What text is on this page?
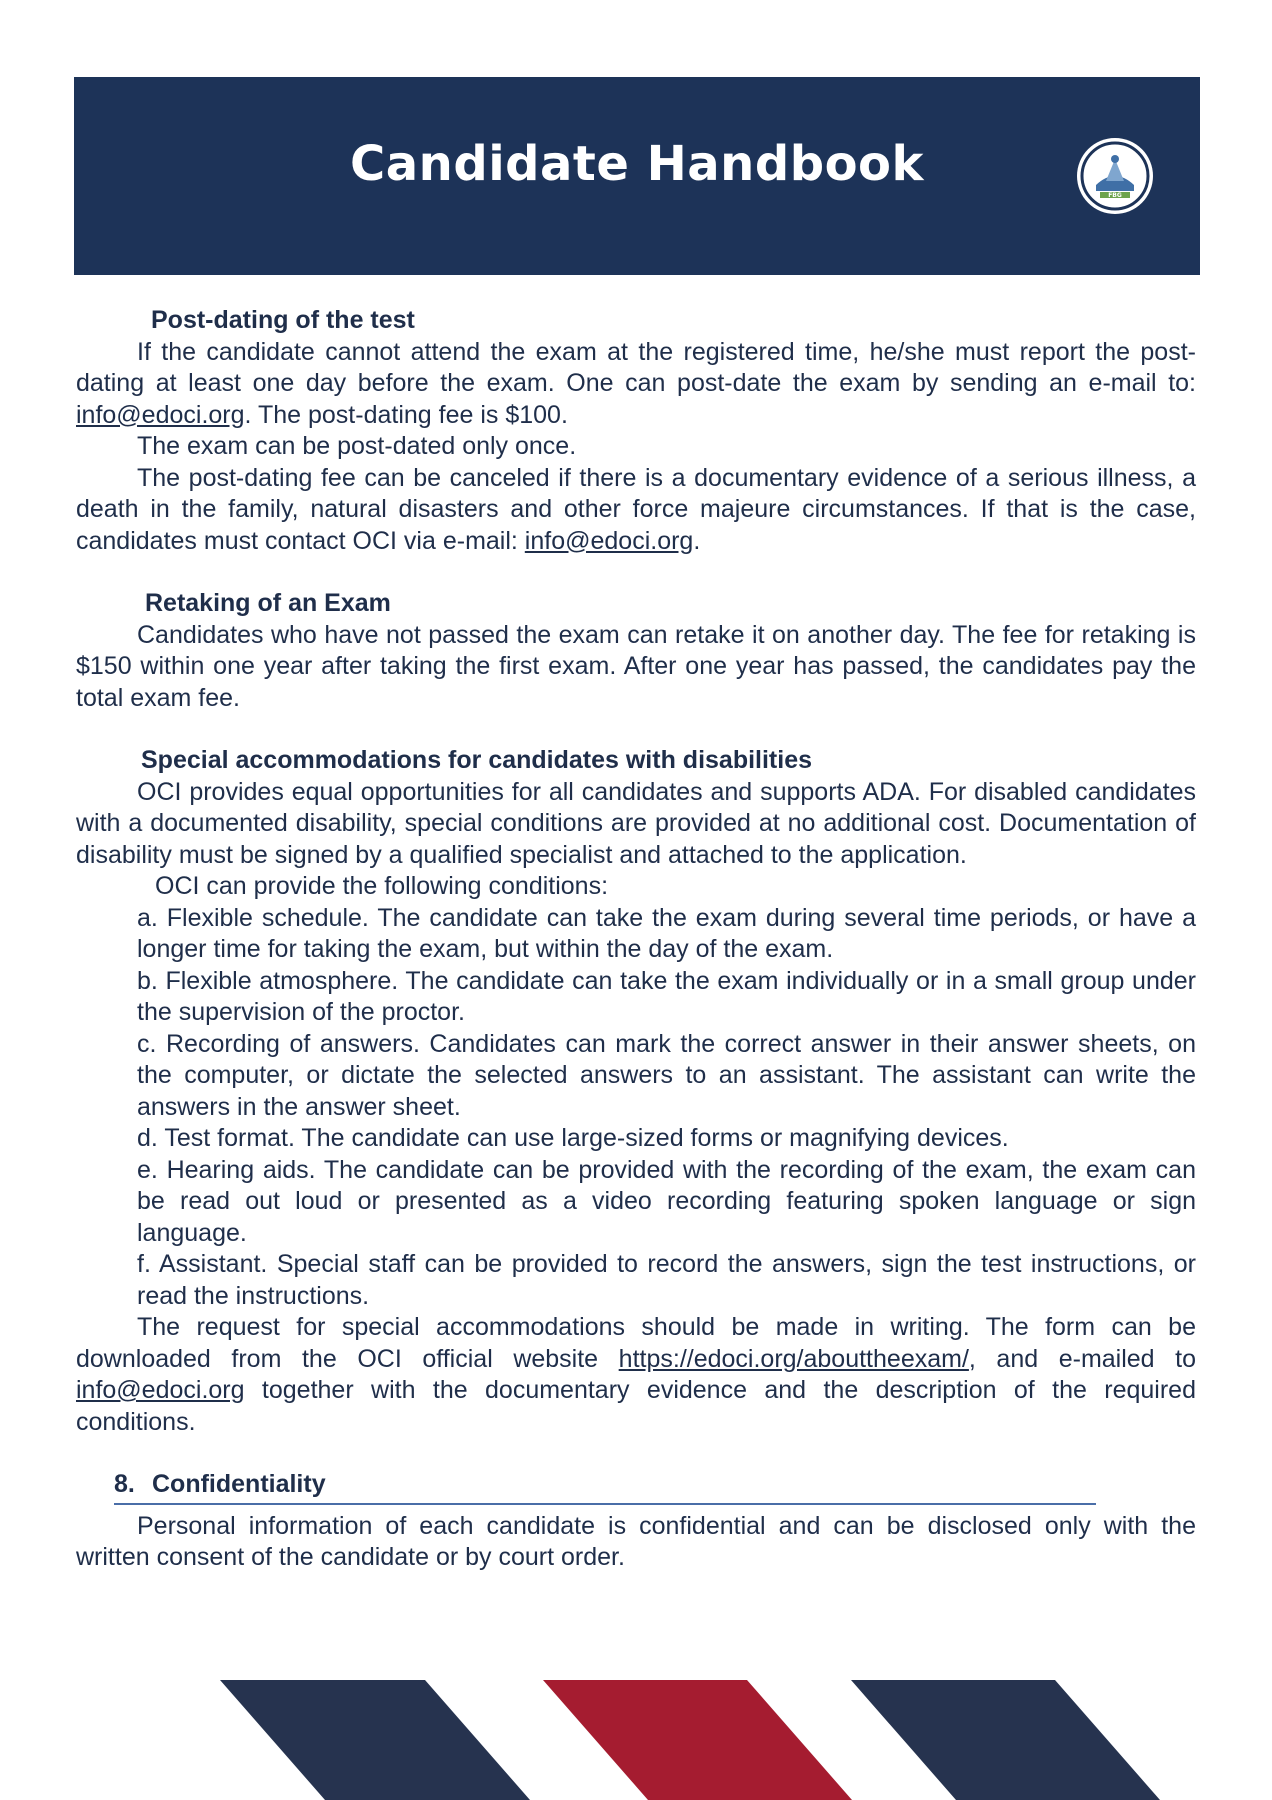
Candidate Handbook
FBG

Post-dating of the test

If the candidate cannot attend the exam at the registered time, he/she must report the post-dating at least one day before the exam. One can post-date the exam by sending an e-mail to: info@edoci.org. The post-dating fee is $100.

The exam can be post-dated only once.

The post-dating fee can be canceled if there is a documentary evidence of a serious illness, a death in the family, natural disasters and other force majeure circumstances. If that is the case, candidates must contact OCI via e-mail: info@edoci.org.

Retaking of an Exam

Candidates who have not passed the exam can retake it on another day. The fee for retaking is $150 within one year after taking the first exam. After one year has passed, the candidates pay the total exam fee.

Special accommodations for candidates with disabilities

OCI provides equal opportunities for all candidates and supports ADA. For disabled candidates with a documented disability, special conditions are provided at no additional cost. Documentation of disability must be signed by a qualified specialist and attached to the application.

OCI can provide the following conditions:

a. Flexible schedule. The candidate can take the exam during several time periods, or have a longer time for taking the exam, but within the day of the exam.

b. Flexible atmosphere. The candidate can take the exam individually or in a small group under the supervision of the proctor.

c. Recording of answers. Candidates can mark the correct answer in their answer sheets, on the computer, or dictate the selected answers to an assistant. The assistant can write the answers in the answer sheet.

d. Test format. The candidate can use large-sized forms or magnifying devices.

e. Hearing aids. The candidate can be provided with the recording of the exam, the exam can be read out loud or presented as a video recording featuring spoken language or sign language.

f. Assistant. Special staff can be provided to record the answers, sign the test instructions, or read the instructions.

The request for special accommodations should be made in writing. The form can be downloaded from the OCI official website https://edoci.org/abouttheexam/, and e-mailed to info@edoci.org together with the documentary evidence and the description of the required conditions.

8. Confidentiality

Personal information of each candidate is confidential and can be disclosed only with the written consent of the candidate or by court order.
